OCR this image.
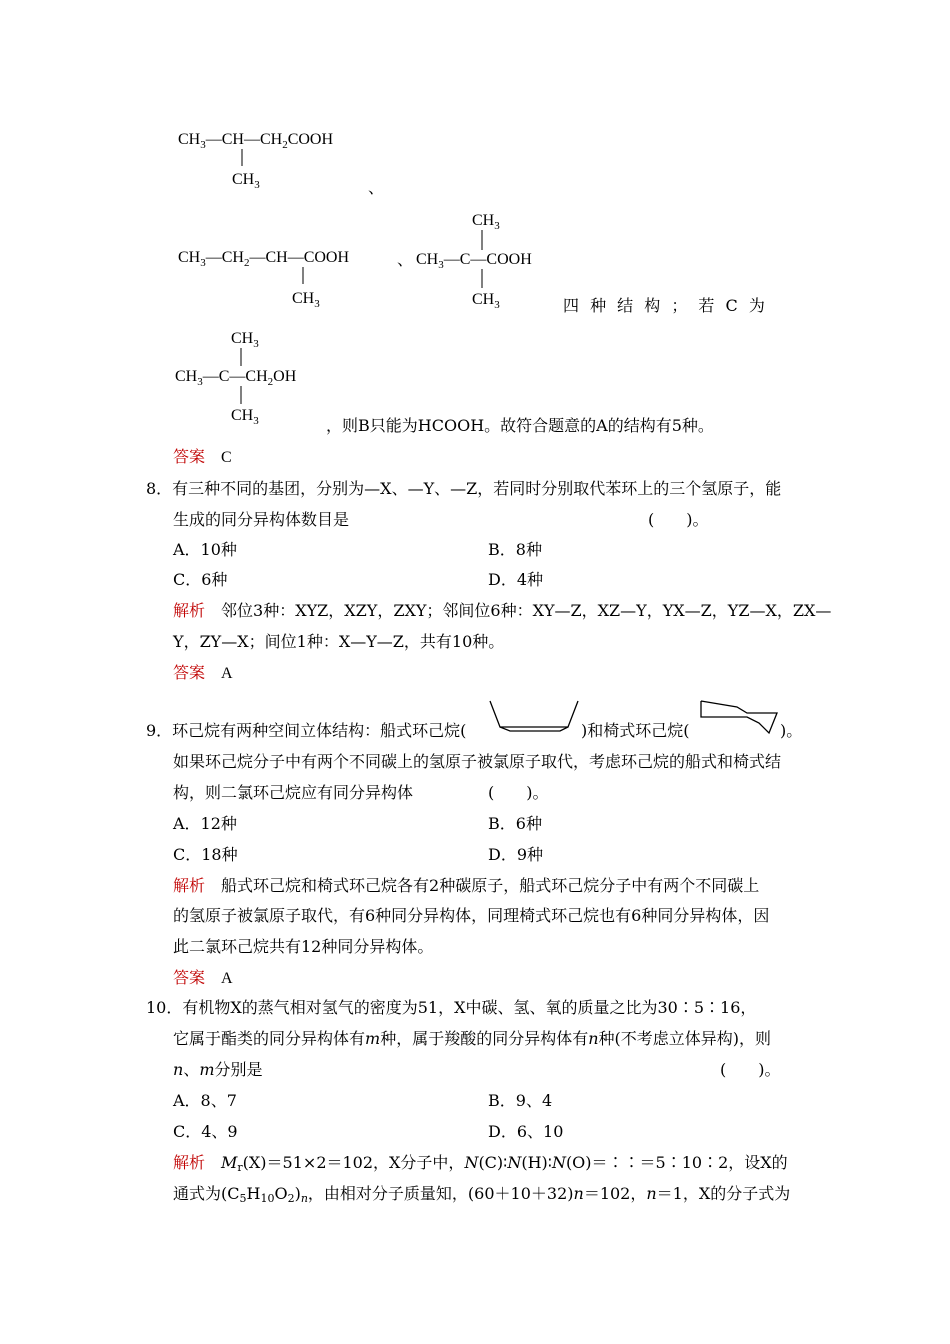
$CH_3—CH—CH_2COOH$
$CH_3$	、
$CH_3—CH_2—CH—COOH$
$CH_3$
、
$CH_3$
$CH_3—C—COOH$
$CH_3$	四 种 结 构 ； 若 C 为
$CH_3$
$CH_3—C—CH_2OH$
$CH_3$	，则B只能为HCOOH。故符合题意的A的结构有5种。
答案 C
8．有三种不同的基团，分别为—X、—Y、—Z，若同时分别取代苯环上的三个氢原子，能
生成的同分异构体数目是	(　　)。
A．10种	B．8种
C．6种	D．4种
解析 邻位3种：XYZ，XZY，ZXY；邻间位6种：XY—Z，XZ—Y，YX—Z，YZ—X，ZX—
Y，ZY—X；间位1种：X—Y—Z，共有10种。
答案 A
9．环己烷有两种空间立体结构：船式环己烷(	)和椅式环己烷(	)。
如果环己烷分子中有两个不同碳上的氢原子被氯原子取代，考虑环己烷的船式和椅式结
构，则二氯环己烷应有同分异构体	(　　)。
A．12种	B．6种
C．18种	D．9种
解析 船式环己烷和椅式环己烷各有2种碳原子，船式环己烷分子中有两个不同碳上
的氢原子被氯原子取代，有6种同分异构体，同理椅式环己烷也有6种同分异构体，因
此二氯环己烷共有12种同分异构体。
答案 A
10．有机物X的蒸气相对氢气的密度为51，X中碳、氢、氧的质量之比为30∶5∶16，
它属于酯类的同分异构体有m种，属于羧酸的同分异构体有n种(不考虑立体异构)，则
n、m分别是	(　　)。
A．8、7	B．9、4
C．4、9	D．6、10
解析 $M_r(X)=51\times 2=102$，X分子中，N(C)∶N(H)∶N(O)＝∶∶＝5∶10∶2，设X的
通式为$(C_5H_{10}O_2)_n$，由相对分子质量知，(60＋10＋32)n＝102，n＝1，X的分子式为
